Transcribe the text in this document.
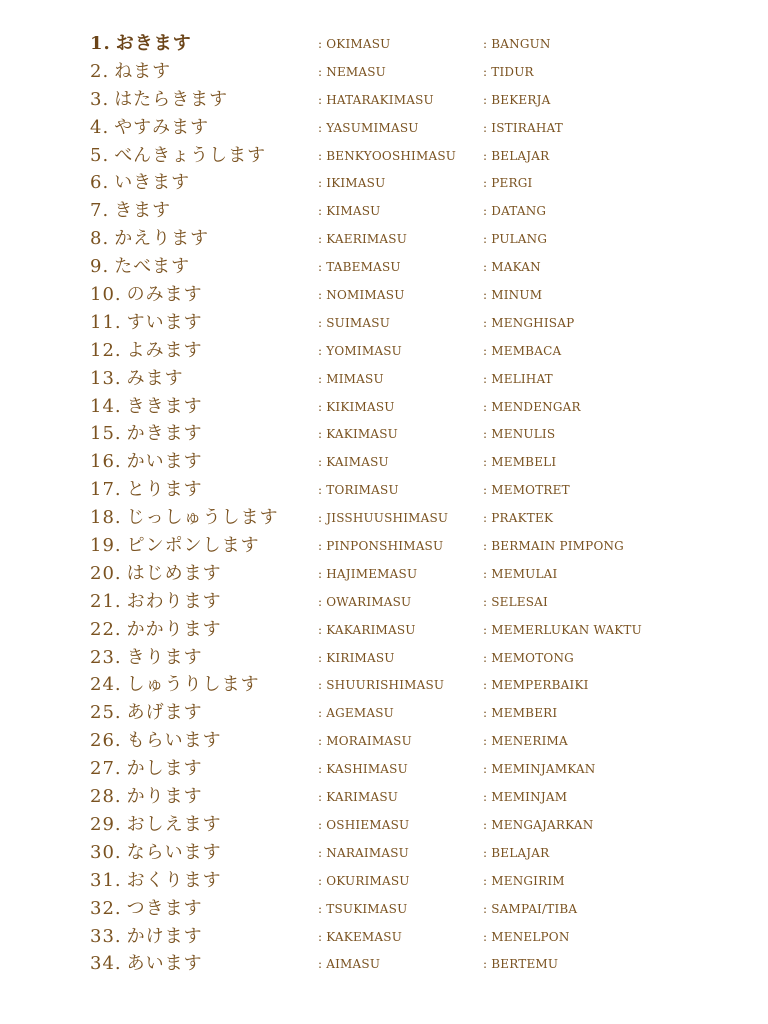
1. おきます	: OKIMASU	: BANGUN
2. ねます	: NEMASU	: TIDUR
3. はたらきます	: HATARAKIMASU	: BEKERJA
4. やすみます	: YASUMIMASU	: ISTIRAHAT
5. べんきょうします	: BENKYOOSHIMASU : BELAJAR
6. いきます	: IKIMASU	: PERGI
7. きます	: KIMASU	: DATANG
8. かえります	: KAERIMASU	: PULANG
9. たべます	: TABEMASU	: MAKAN
10. のみます	: NOMIMASU	: MINUM
11. すいます	: SUIMASU	: MENGHISAP
12. よみます	: YOMIMASU	: MEMBACA
13. みます	: MIMASU	: MELIHAT
14. ききます	: KIKIMASU	: MENDENGAR
15. かきます	: KAKIMASU	: MENULIS
16. かいます	: KAIMASU	: MEMBELI
17. とります	: TORIMASU	: MEMOTRET
18. じっしゅうします	: JISSHUUSHIMASU	: PRAKTEK
19. ピンポンします	: PINPONSHIMASU	: BERMAIN PIMPONG
20. はじめます	: HAJIMEMASU	: MEMULAI
21. おわります	: OWARIMASU	: SELESAI
22. かかります	: KAKARIMASU	: MEMERLUKAN WAKTU
23. きります	: KIRIMASU	: MEMOTONG
24. しゅうりします	: SHUURISHIMASU	: MEMPERBAIKI
25. あげます	: AGEMASU	: MEMBERI
26. もらいます	: MORAIMASU	: MENERIMA
27. かします	: KASHIMASU	: MEMINJAMKAN
28. かります	: KARIMASU	: MEMINJAM
29. おしえます	: OSHIEMASU	: MENGAJARKAN
30. ならいます	: NARAIMASU	: BELAJAR
31. おくります	: OKURIMASU	: MENGIRIM
32. つきます	: TSUKIMASU	: SAMPAI/TIBA
33. かけます	: KAKEMASU	: MENELPON
34. あいます	: AIMASU	: BERTEMU
